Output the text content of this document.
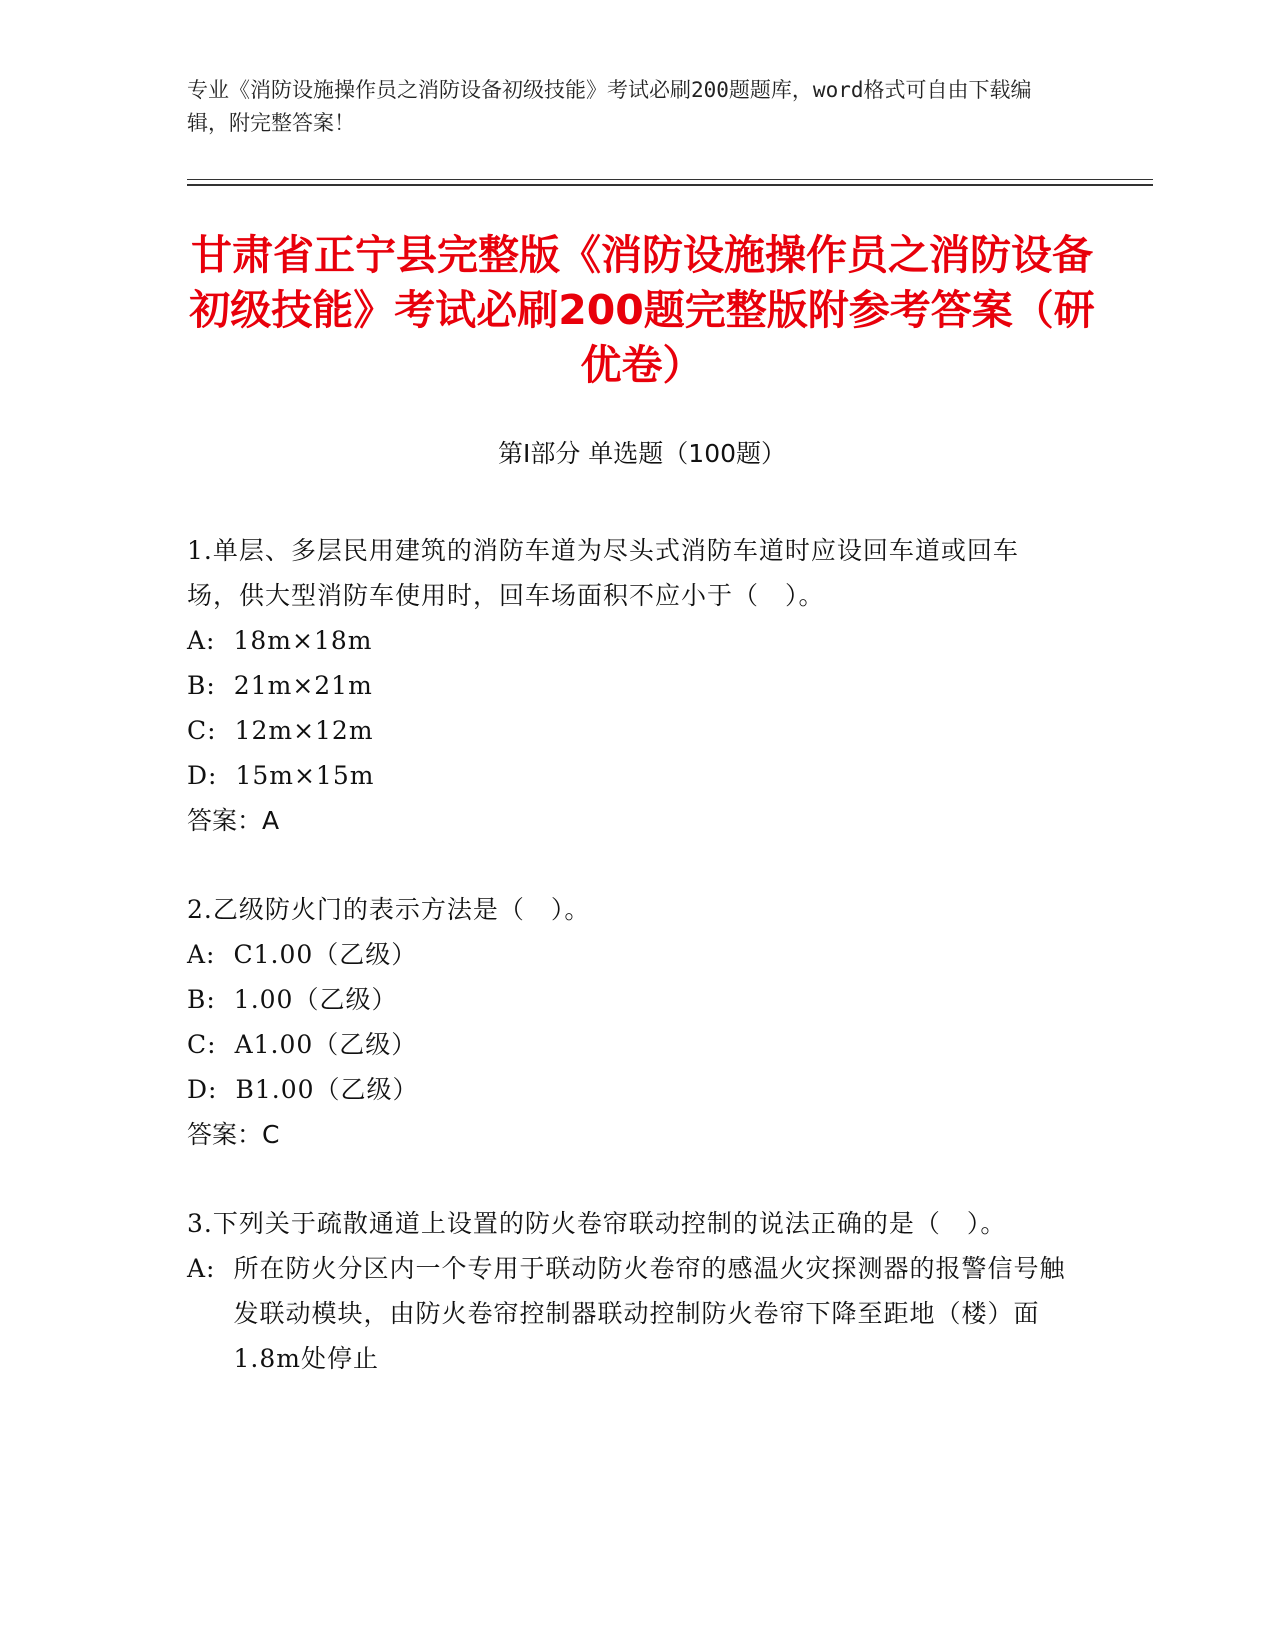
专业《消防设施操作员之消防设备初级技能》考试必刷200题题库，word格式可自由下载编辑，附完整答案！
甘肃省正宁县完整版《消防设施操作员之消防设备初级技能》考试必刷200题完整版附参考答案（研优卷）
第Ⅰ部分 单选题（100题）

1.单层、多层民用建筑的消防车道为尽头式消防车道时应设回车道或回车场，供大型消防车使用时，回车场面积不应小于（　）。

A: 18m×18m
B: 21m×21m
C: 12m×12m
D: 15m×15m

答案：A

2.乙级防火门的表示方法是（　）。

A: C1.00（乙级）
B: 1.00（乙级）
C: A1.00（乙级）
D: B1.00（乙级）

答案：C

3.下列关于疏散通道上设置的防火卷帘联动控制的说法正确的是（　）。

A: 所在防火分区内一个专用于联动防火卷帘的感温火灾探测器的报警信号触发联动模块，由防火卷帘控制器联动控制防火卷帘下降至距地（楼）面1.8m处停止
